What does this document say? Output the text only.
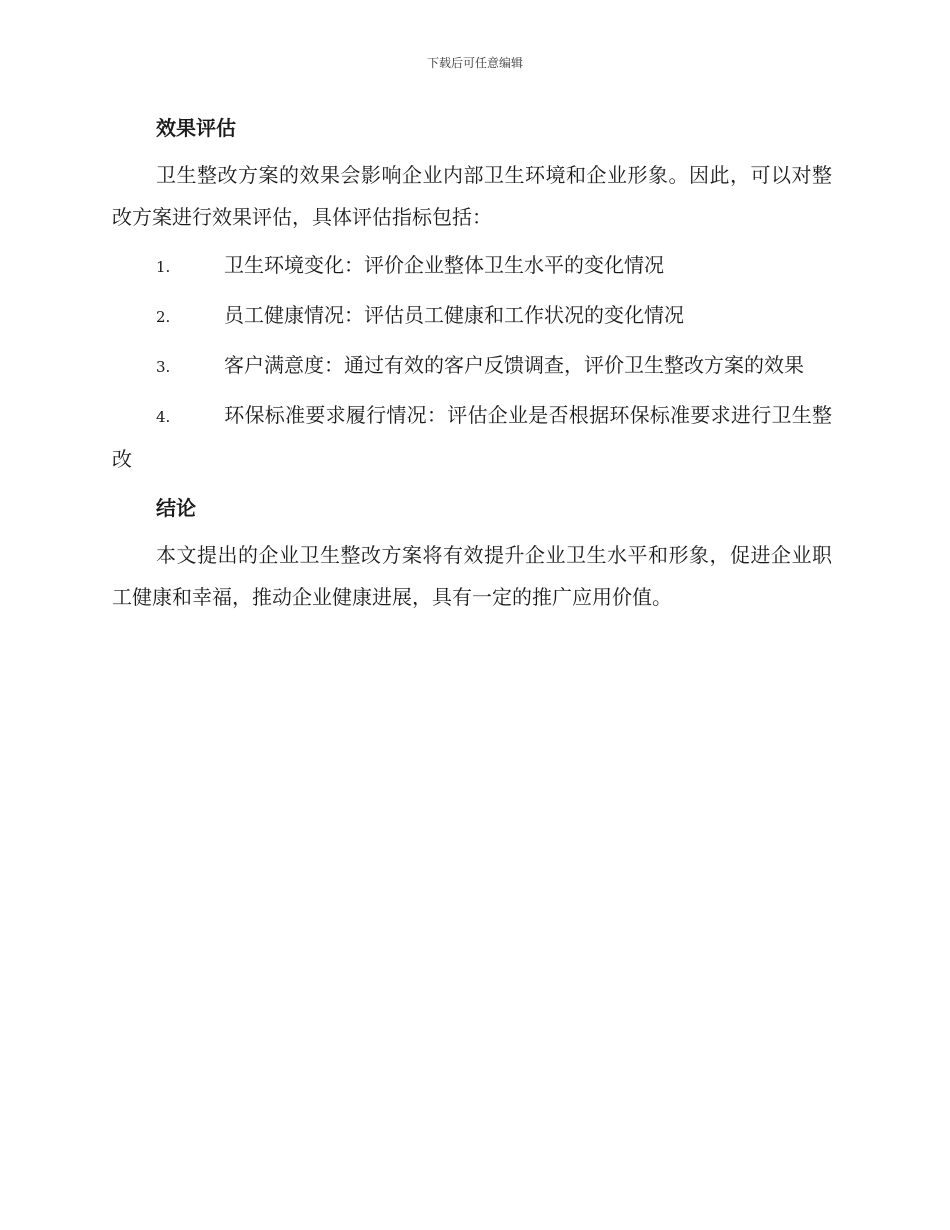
下载后可任意编辑
效果评估

卫生整改方案的效果会影响企业内部卫生环境和企业形象。因此，可以对整改方案进行效果评估，具体评估指标包括：

1.	卫生环境变化：评价企业整体卫生水平的变化情况

2.	员工健康情况：评估员工健康和工作状况的变化情况

3.	客户满意度：通过有效的客户反馈调查，评价卫生整改方案的效果

4.	环保标准要求履行情况：评估企业是否根据环保标准要求进行卫生整改

结论

本文提出的企业卫生整改方案将有效提升企业卫生水平和形象，促进企业职工健康和幸福，推动企业健康进展，具有一定的推广应用价值。
